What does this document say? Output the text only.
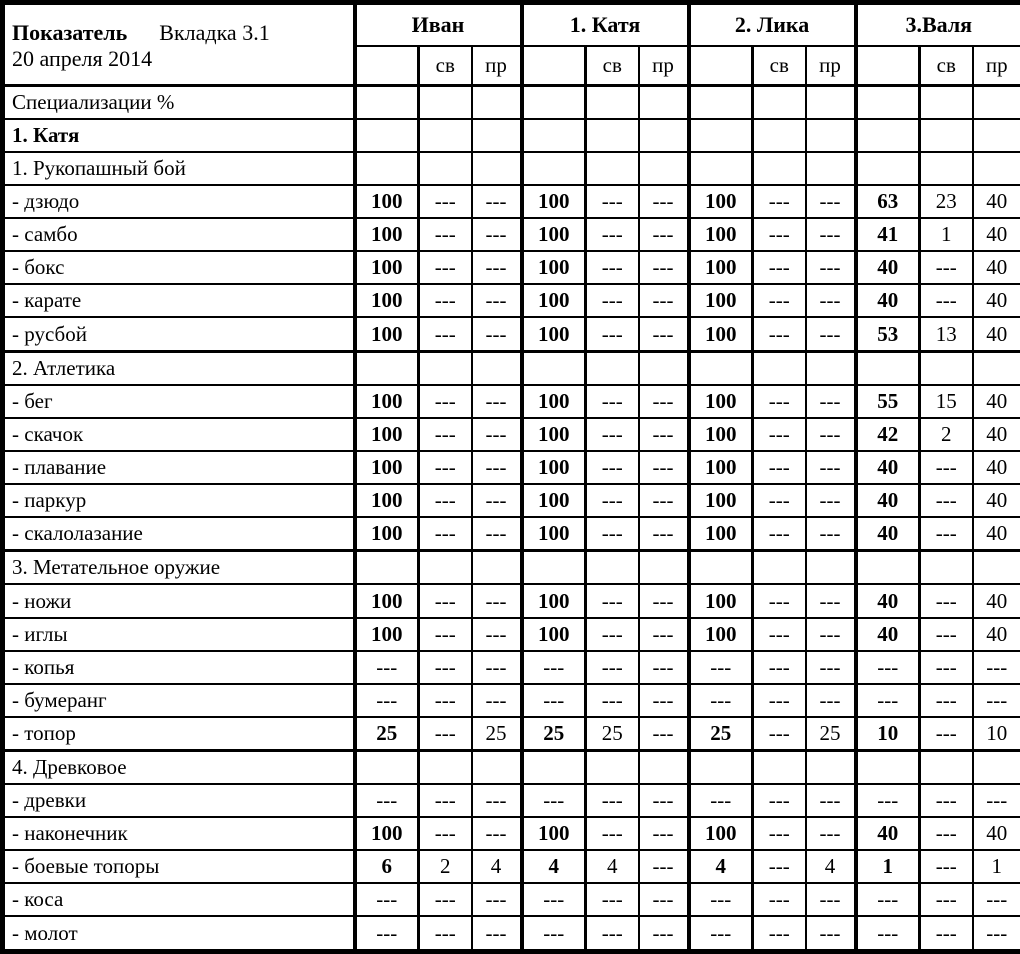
Показатель Вкладка 3.1
20 апреля 2014	Иван			1. Катя			2. Лика			3.Валя		
		св	пр		св	пр		св	пр		св	пр
Специализации %												
1. Катя												
1. Рукопашный бой												
- дзюдо	100	---	---	100	---	---	100	---	---	63	23	40
- самбо	100	---	---	100	---	---	100	---	---	41	1	40
- бокс	100	---	---	100	---	---	100	---	---	40	---	40
- карате	100	---	---	100	---	---	100	---	---	40	---	40
- русбой	100	---	---	100	---	---	100	---	---	53	13	40
2. Атлетика												
- бег	100	---	---	100	---	---	100	---	---	55	15	40
- скачок	100	---	---	100	---	---	100	---	---	42	2	40
- плавание	100	---	---	100	---	---	100	---	---	40	---	40
- паркур	100	---	---	100	---	---	100	---	---	40	---	40
- скалолазание	100	---	---	100	---	---	100	---	---	40	---	40
3. Метательное оружие												
- ножи	100	---	---	100	---	---	100	---	---	40	---	40
- иглы	100	---	---	100	---	---	100	---	---	40	---	40
- копья	---	---	---	---	---	---	---	---	---	---	---	---
- бумеранг	---	---	---	---	---	---	---	---	---	---	---	---
- топор	25	---	25	25	25	---	25	---	25	10	---	10
4. Древковое												
- древки	---	---	---	---	---	---	---	---	---	---	---	---
- наконечник	100	---	---	100	---	---	100	---	---	40	---	40
- боевые топоры	6	2	4	4	4	---	4	---	4	1	---	1
- коса	---	---	---	---	---	---	---	---	---	---	---	---
- молот	---	---	---	---	---	---	---	---	---	---	---	---
